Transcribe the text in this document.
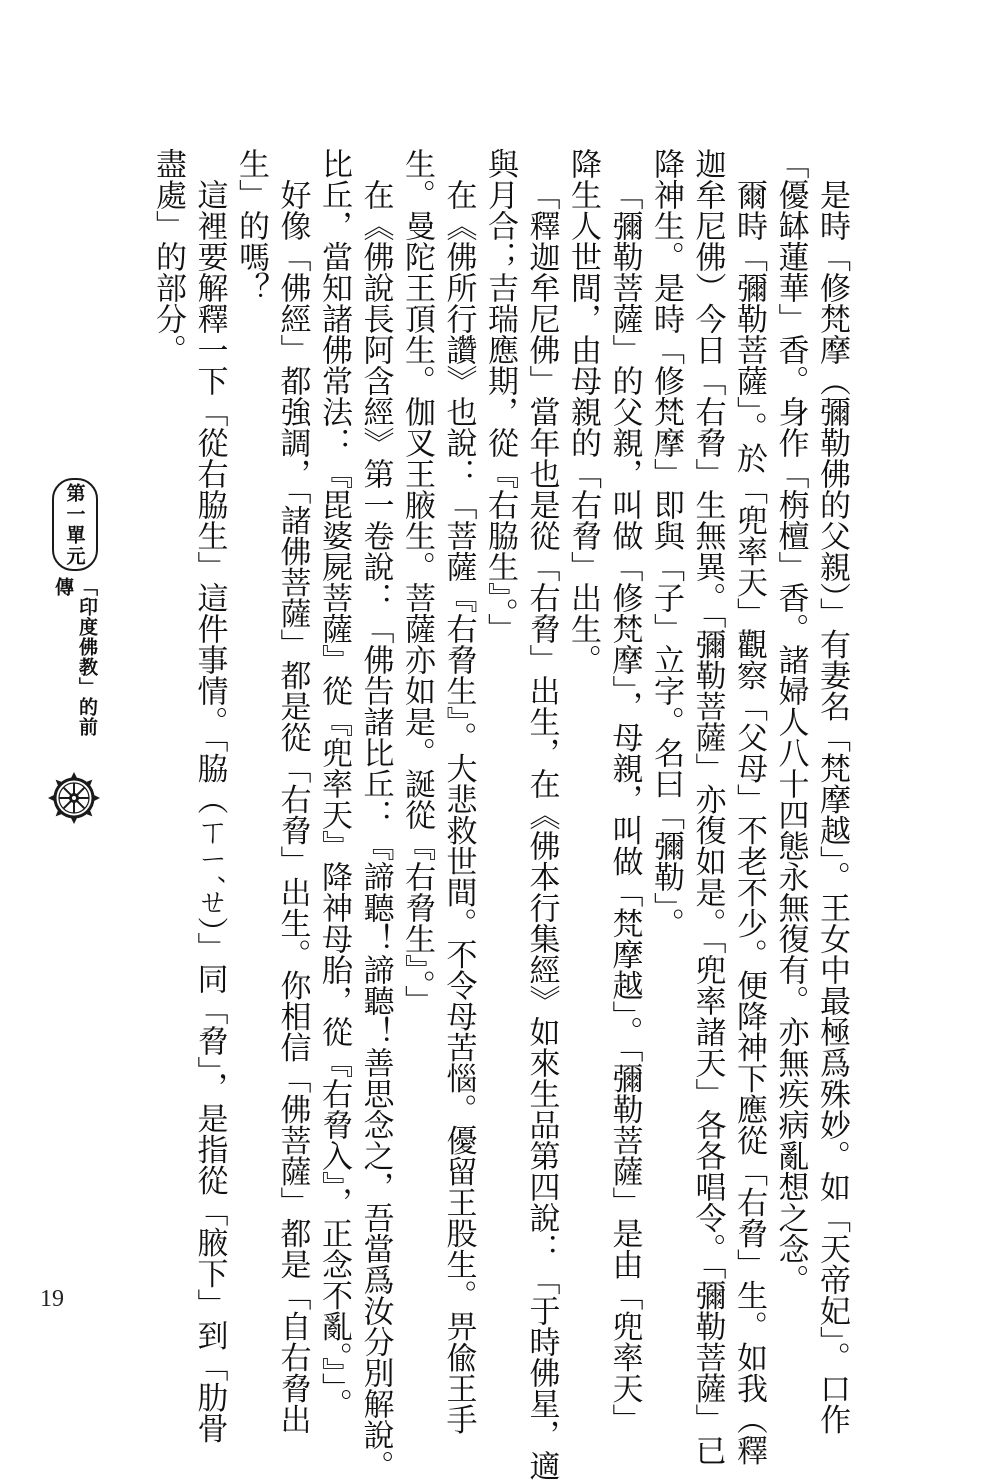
是時「修梵摩（彌勒佛的父親）」有妻名「梵摩越」。王女中最極爲殊妙。如「天帝妃」。口作
「優缽蓮華」香。身作「栴檀」香。諸婦人八十四態永無復有。亦無疾病亂想之念。
爾時「彌勒菩薩」。於「兜率天」觀察「父母」不老不少。便降神下應從「右脅」生。如我（釋
迦牟尼佛）今日「右脅」生無異。「彌勒菩薩」亦復如是。「兜率諸天」各各唱令。「彌勒菩薩」已
降神生。是時「修梵摩」即與「子」立字。名曰「彌勒」。
「彌勒菩薩」的父親，叫做「修梵摩」，母親，叫做「梵摩越」。「彌勒菩薩」是由「兜率天」
降生人世間，由母親的「右脅」出生。
「釋迦牟尼佛」當年也是從「右脅」出生，在《佛本行集經》如來生品第四說：「于時佛星，適
與月合；吉瑞應期，從『右脇生』。」
在《佛所行讚》也說：「菩薩『右脅生』。大悲救世間。不令母苦惱。優留王股生。畀偸王手
生。曼陀王頂生。伽叉王腋生。菩薩亦如是。誕從『右脅生』。」
在《佛說長阿含經》第一卷說：「佛告諸比丘：『諦聽！諦聽！善思念之，吾當爲汝分別解說。
比丘，當知諸佛常法：『毘婆屍菩薩』從『兜率天』降神母胎，從『右脅入』，正念不亂。』」。
好像「佛經」都強調，「諸佛菩薩」都是從「右脅」出生。你相信「佛菩薩」都是「自右脅出
生」的嗎？
這裡要解釋一下「從右脇生」這件事情。「脇（ㄒㄧˊㄝ）」同「脅」，是指從「腋下」到「肋骨
盡處」的部分。
第一單元
「印度佛教」的前傳
19
